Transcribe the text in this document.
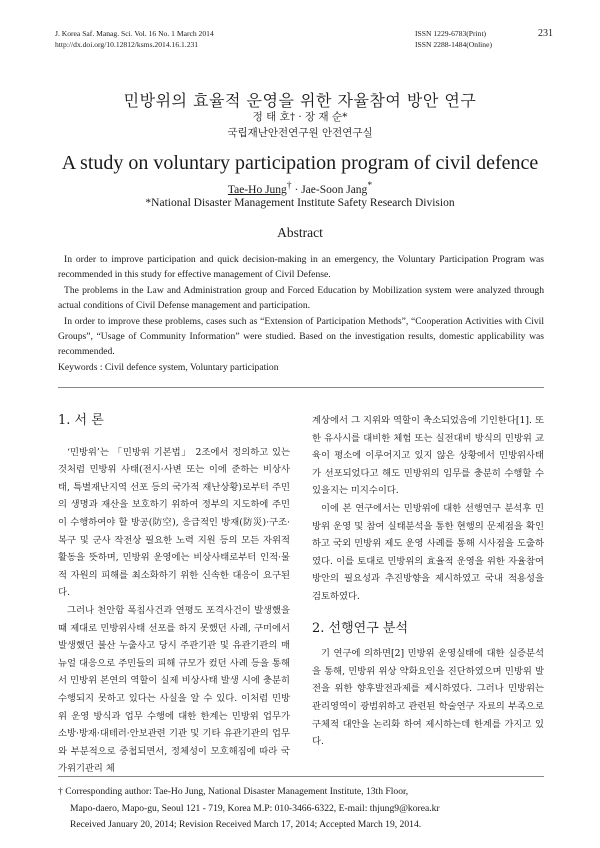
J. Korea Saf. Manag. Sci. Vol. 16 No. 1 March 2014
http://dx.doi.org/10.12812/ksms.2014.16.1.231
ISSN 1229-6783(Print)
ISSN 2288-1484(Online)
231
민방위의 효율적 운영을 위한 자율참여 방안 연구
정 태 호† · 장 재 순*
국립재난안전연구원 안전연구실
A study on voluntary participation program of civil defence
Tae-Ho Jung† · Jae-Soon Jang*
*National Disaster Management Institute Safety Research Division
Abstract

In order to improve participation and quick decision-making in an emergency, the Voluntary Participation Program was recommended in this study for effective management of Civil Defense.

The problems in the Law and Administration group and Forced Education by Mobilization system were analyzed through actual conditions of Civil Defense management and participation.

In order to improve these problems, cases such as “Extension of Participation Methods”, “Cooperation Activities with Civil Groups”, “Usage of Community Information” were studied. Based on the investigation results, domestic applicability was recommended.

Keywords : Civil defence system, Voluntary participation

1. 서 론

‘민방위’는 「민방위 기본법」 2조에서 정의하고 있는 것처럼 민방위 사태(전시·사변 또는 이에 준하는 비상사태, 특별재난지역 선포 등의 국가적 재난상황)로부터 주민의 생명과 재산을 보호하기 위하여 정부의 지도하에 주민이 수행하여야 할 방공(防空), 응급적인 방재(防災)·구조·복구 및 군사 작전상 필요한 노력 지원 등의 모든 자위적 활동을 뜻하며, 민방위 운영에는 비상사태로부터 인적·물적 자원의 피해를 최소화하기 위한 신속한 대응이 요구된다.

그러나 천안함 폭침사건과 연평도 포격사건이 발생했을 때 제대로 민방위사태 선포를 하지 못했던 사례, 구미에서 발생했던 불산 누출사고 당시 주관기관 및 유관기관의 매뉴얼 대응으로 주민들의 피해 규모가 컸던 사례 등을 통해서 민방위 본연의 역할이 실제 비상사태 발생 시에 충분히 수행되지 못하고 있다는 사실을 알 수 있다. 이처럼 민방위 운영 방식과 업무 수행에 대한 한계는 민방위 업무가 소방·방재·대테러·안보관련 기관 및 기타 유관기관의 업무와 부분적으로 중첩되면서, 정체성이 모호해짐에 따라 국가위기관리 체

계상에서 그 지위와 역할이 축소되었음에 기인한다[1]. 또한 유사시를 대비한 체험 또는 실전대비 방식의 민방위 교육이 평소에 이루어지고 있지 않은 상황에서 민방위사태가 선포되었다고 해도 민방위의 임무를 충분히 수행할 수 있을지는 미지수이다.

이에 본 연구에서는 민방위에 대한 선행연구 분석후 민방위 운영 및 참여 실태분석을 통한 현행의 문제점을 확인하고 국외 민방위 제도 운영 사례를 통해 시사점을 도출하였다. 이를 토대로 민방위의 효율적 운영을 위한 자율참여 방안의 필요성과 추진방향을 제시하였고 국내 적용성을 검토하였다.

2. 선행연구 분석

기 연구에 의하면[2] 민방위 운영실태에 대한 실증분석을 통해, 민방위 위상 약화요인을 진단하였으며 민방위 발전을 위한 향후발전과제를 제시하였다. 그러나 민방위는 관리영역이 광범위하고 관련된 학술연구 자료의 부족으로 구체적 대안을 논리화 하여 제시하는데 한계를 가지고 있다.

† Corresponding author: Tae-Ho Jung, National Disaster Management Institute, 13th Floor,
Mapo-daero, Mapo-gu, Seoul 121 - 719, Korea M.P: 010-3466-6322, E-mail: thjung9@korea.kr
Received January 20, 2014; Revision Received March 17, 2014; Accepted March 19, 2014.
